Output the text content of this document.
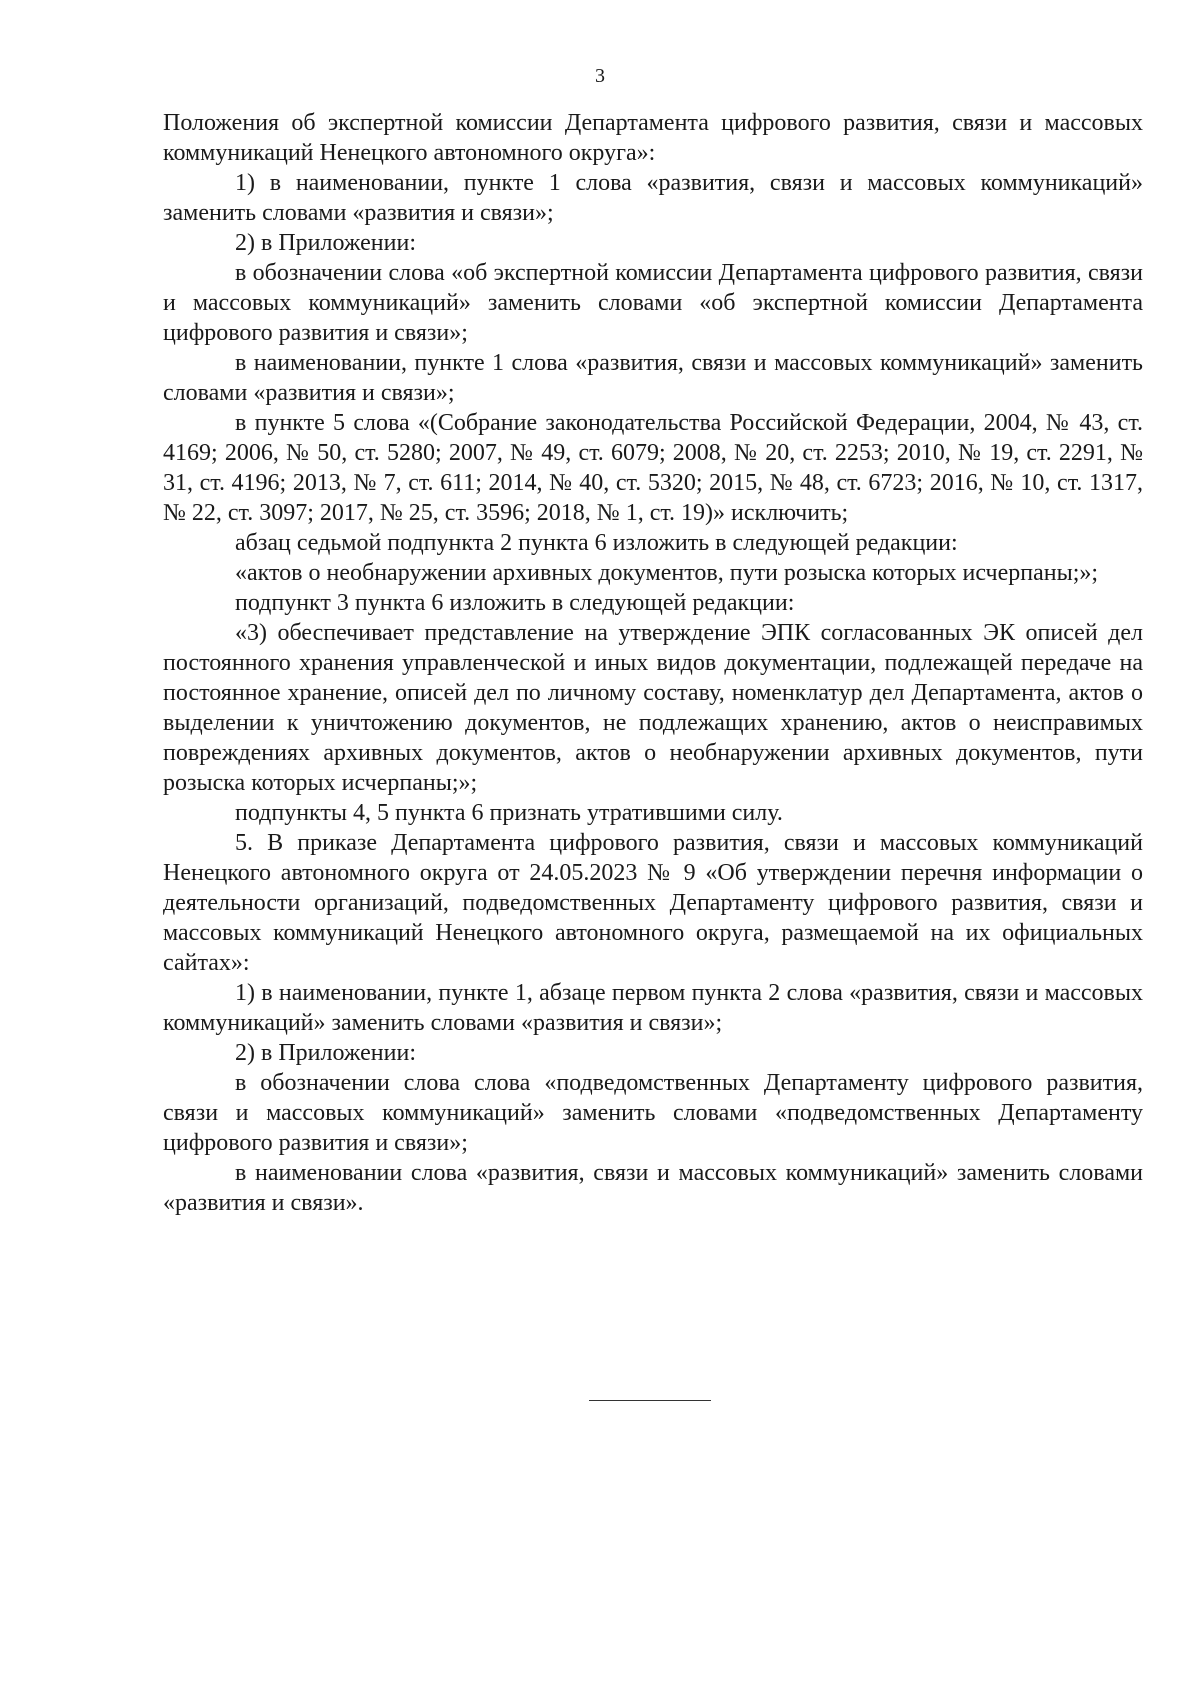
3

Положения об экспертной комиссии Департамента цифрового развития, связи и массовых коммуникаций Ненецкого автономного округа»:

1) в наименовании, пункте 1 слова «развития, связи и массовых коммуникаций» заменить словами «развития и связи»;

2) в Приложении:

в обозначении слова «об экспертной комиссии Департамента цифрового развития, связи и массовых коммуникаций» заменить словами «об экспертной комиссии Департамента цифрового развития и связи»;

в наименовании, пункте 1 слова «развития, связи и массовых коммуникаций» заменить словами «развития и связи»;

в пункте 5 слова «(Собрание законодательства Российской Федерации, 2004, № 43, ст. 4169; 2006, № 50, ст. 5280; 2007, № 49, ст. 6079; 2008, № 20, ст. 2253; 2010, № 19, ст. 2291, № 31, ст. 4196; 2013, № 7, ст. 611; 2014, № 40, ст. 5320; 2015, № 48, ст. 6723; 2016, № 10, ст. 1317, № 22, ст. 3097; 2017, № 25, ст. 3596; 2018, № 1, ст. 19)» исключить;

абзац седьмой подпункта 2 пункта 6 изложить в следующей редакции:

«актов о необнаружении архивных документов, пути розыска которых исчерпаны;»;

подпункт 3 пункта 6 изложить в следующей редакции:

«3) обеспечивает представление на утверждение ЭПК согласованных ЭК описей дел постоянного хранения управленческой и иных видов документации, подлежащей передаче на постоянное хранение, описей дел по личному составу, номенклатур дел Департамента, актов о выделении к уничтожению документов, не подлежащих хранению, актов о неисправимых повреждениях архивных документов, актов о необнаружении архивных документов, пути розыска которых исчерпаны;»;

подпункты 4, 5 пункта 6 признать утратившими силу.

5. В приказе Департамента цифрового развития, связи и массовых коммуникаций Ненецкого автономного округа от 24.05.2023 № 9 «Об утверждении перечня информации о деятельности организаций, подведомственных Департаменту цифрового развития, связи и массовых коммуникаций Ненецкого автономного округа, размещаемой на их официальных сайтах»:

1) в наименовании, пункте 1, абзаце первом пункта 2 слова «развития, связи и массовых коммуникаций» заменить словами «развития и связи»;

2) в Приложении:

в обозначении слова слова «подведомственных Департаменту цифрового развития, связи и массовых коммуникаций» заменить словами «подведомственных Департаменту цифрового развития и связи»;

в наименовании слова «развития, связи и массовых коммуникаций» заменить словами «развития и связи».
